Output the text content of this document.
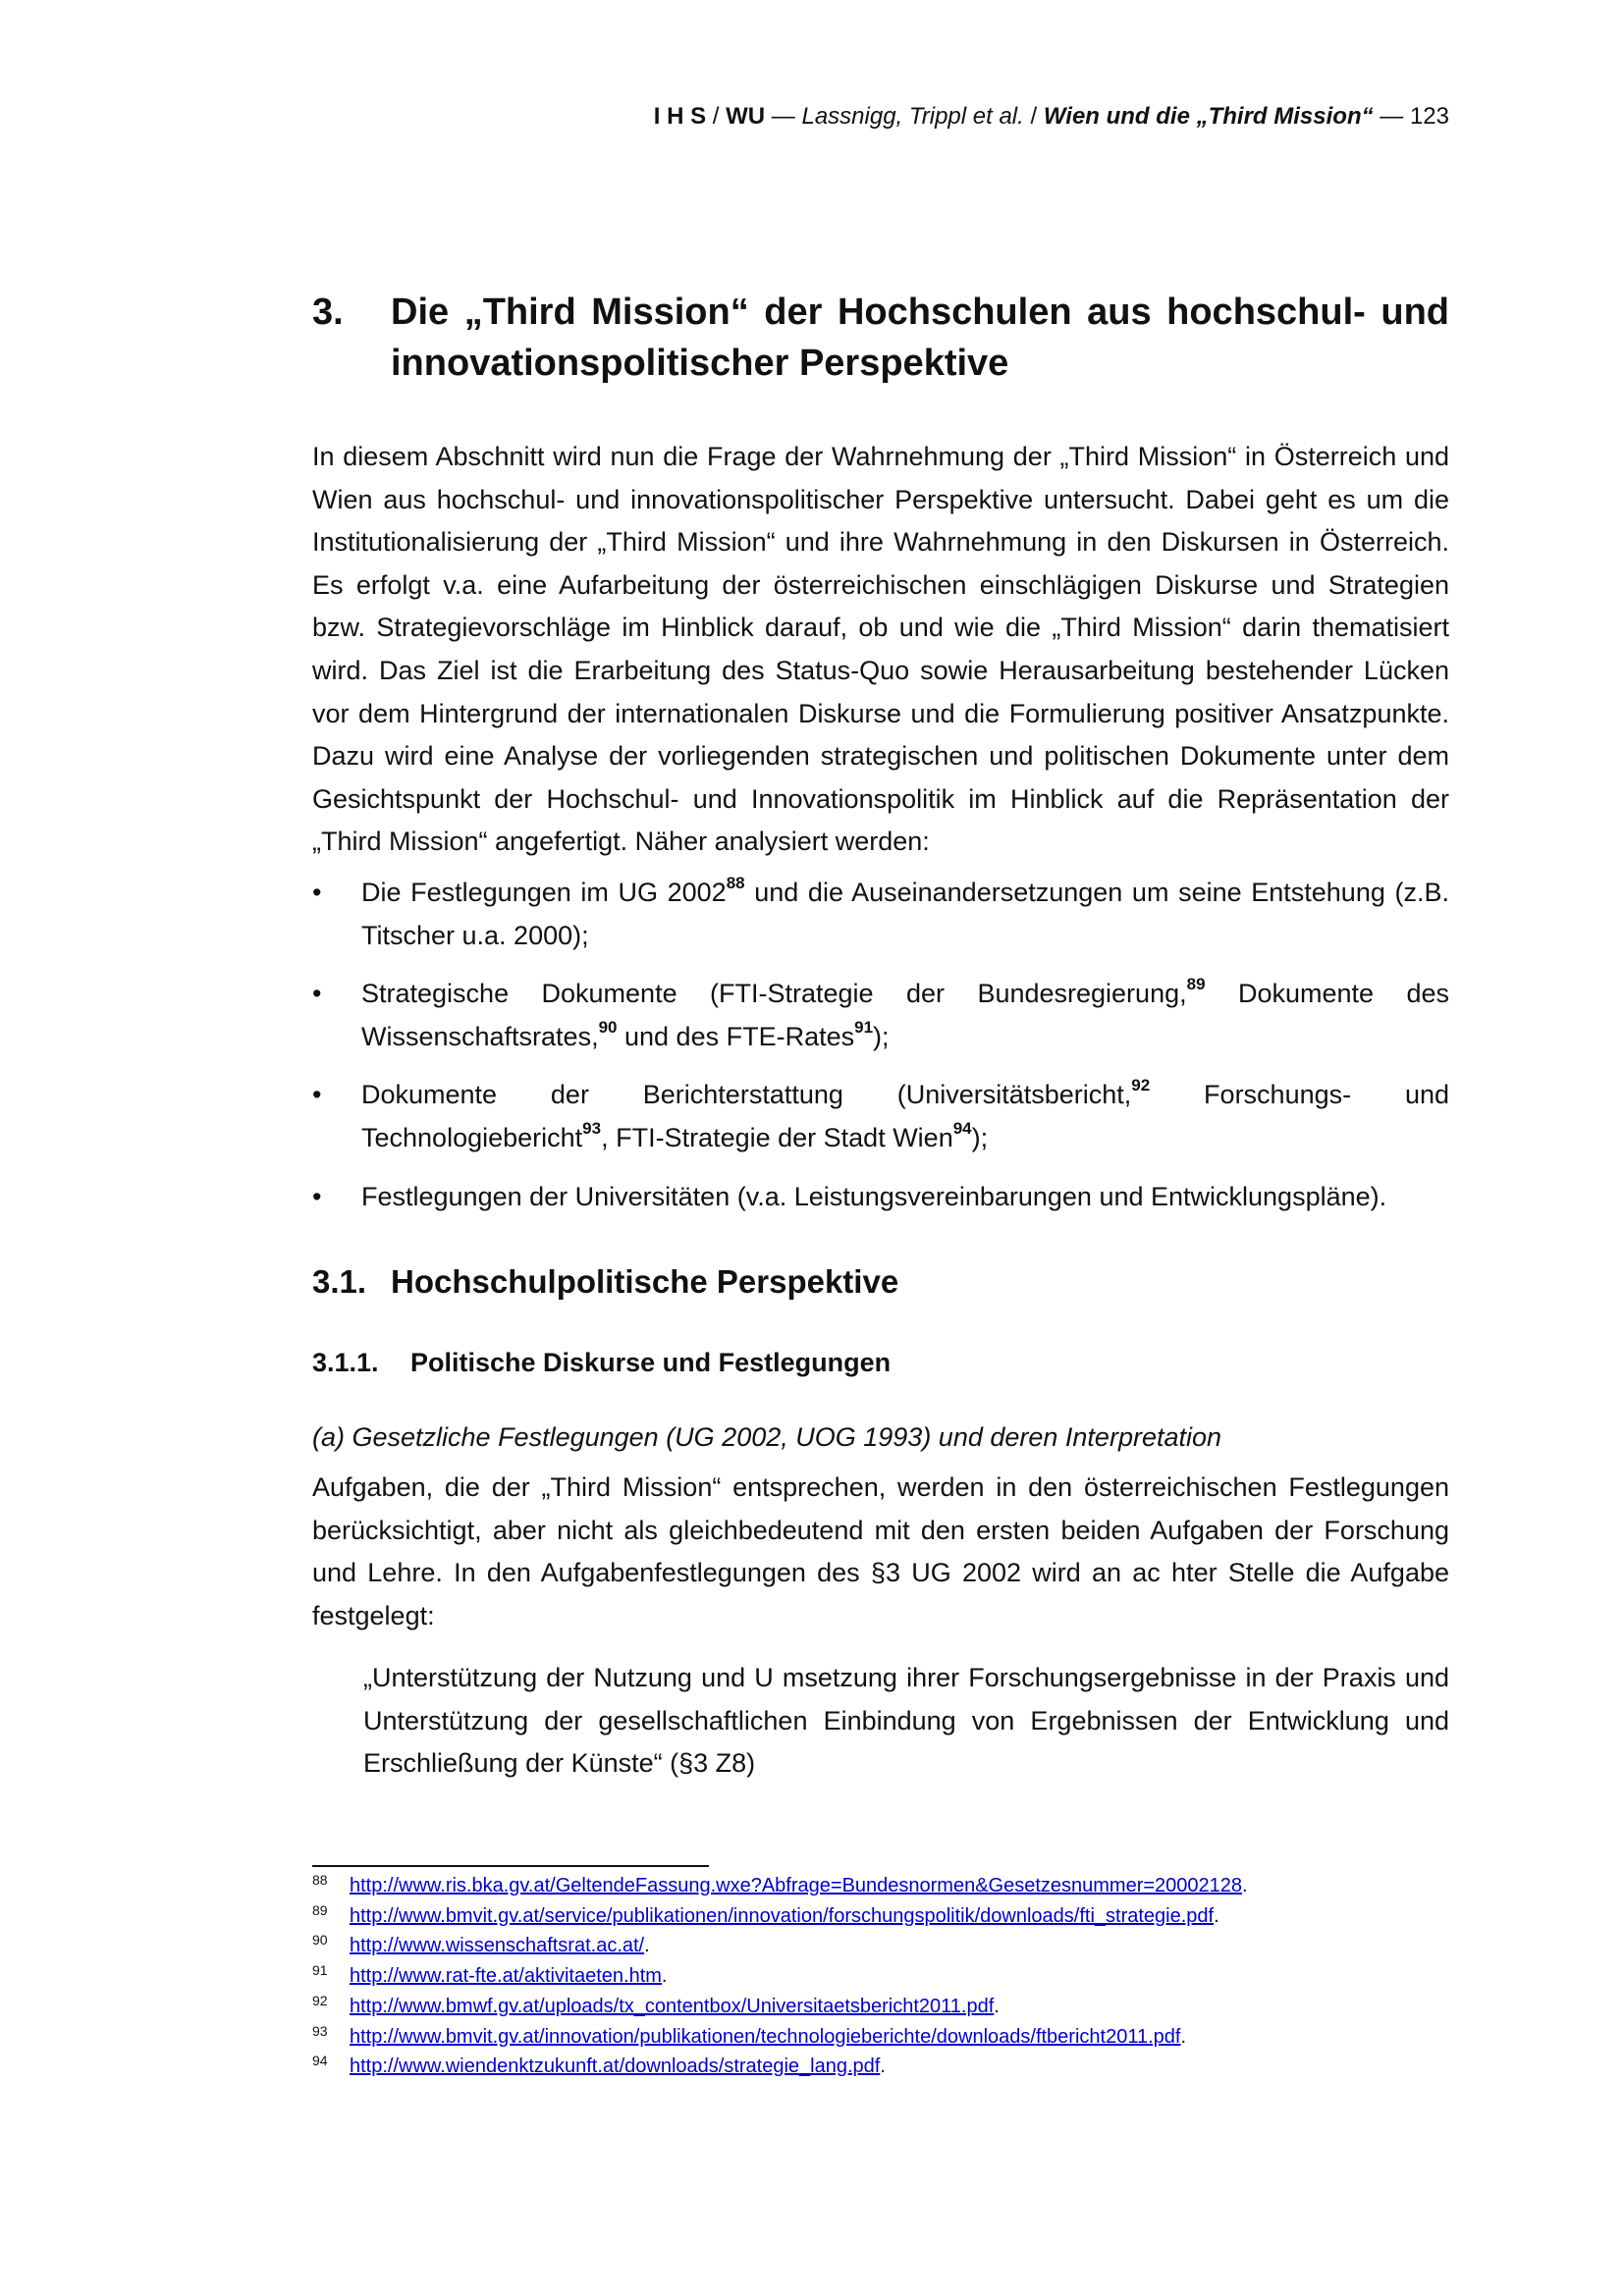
I H S / WU — Lassnigg, Trippl et al. / Wien und die „Third Mission“ — 123
3. Die „Third Mission“ der Hochschulen aus hochschul- und innovationspolitischer Perspektive
In diesem Abschnitt wird nun die Frage der Wahrnehmung der „Third Mission“ in Österreich und Wien aus hochschul- und innovationspolitischer Perspektive untersucht. Dabei geht es um die Institutionalisierung der „Third Mission“ und ihre Wahrnehmung in den Diskursen in Österreich. Es erfolgt v.a. eine Aufarbeitung der österreichischen einschlägigen Diskurse und Strategien bzw. Strategievorschläge im Hinblick darauf, ob und wie die „Third Mission“ darin thematisiert wird. Das Ziel ist die Erarbeitung des Status-Quo sowie Herausarbeitung bestehender Lücken vor dem Hintergrund der internationalen Diskurse und die Formulierung positiver Ansatzpunkte. Dazu wird eine Analyse der vorliegenden strategischen und politischen Dokumente unter dem Gesichtspunkt der Hochschul- und Innovationspolitik im Hinblick auf die Repräsentation der „Third Mission“ angefertigt. Näher analysiert werden:
• Die Festlegungen im UG 2002$^{88}$ und die Auseinandersetzungen um seine Entstehung (z.B. Titscher u.a. 2000);
• Strategische Dokumente (FTI-Strategie der Bundesregierung,$^{89}$ Dokumente des Wissenschaftsrates,$^{90}$ und des FTE-Rates$^{91}$);
• Dokumente der Berichterstattung (Universitätsbericht,$^{92}$ Forschungs- und Technologiebericht$^{93}$, FTI-Strategie der Stadt Wien$^{94}$);
• Festlegungen der Universitäten (v.a. Leistungsvereinbarungen und Entwicklungspläne).
3.1. Hochschulpolitische Perspektive
3.1.1. Politische Diskurse und Festlegungen
(a) Gesetzliche Festlegungen (UG 2002, UOG 1993) und deren Interpretation
Aufgaben, die der „Third Mission“ entsprechen, werden in den österreichischen Festlegungen berücksichtigt, aber nicht als gleichbedeutend mit den ersten beiden Aufgaben der Forschung und Lehre. In den Aufgabenfestlegungen des §3 UG 2002 wird an ac hter Stelle die Aufgabe festgelegt:
„Unterstützung der Nutzung und U msetzung ihrer Forschungsergebnisse in der Praxis und Unterstützung der gesellschaftlichen Einbindung von Ergebnissen der Entwicklung und Erschließung der Künste“ (§3 Z8)
88 http://www.ris.bka.gv.at/GeltendeFassung.wxe?Abfrage=Bundesnormen&Gesetzesnummer=20002128.
89 http://www.bmvit.gv.at/service/publikationen/innovation/forschungspolitik/downloads/fti_strategie.pdf.
90 http://www.wissenschaftsrat.ac.at/.
91 http://www.rat-fte.at/aktivitaeten.htm.
92 http://www.bmwf.gv.at/uploads/tx_contentbox/Universitaetsbericht2011.pdf.
93 http://www.bmvit.gv.at/innovation/publikationen/technologieberichte/downloads/ftbericht2011.pdf.
94 http://www.wiendenktzukunft.at/downloads/strategie_lang.pdf.
